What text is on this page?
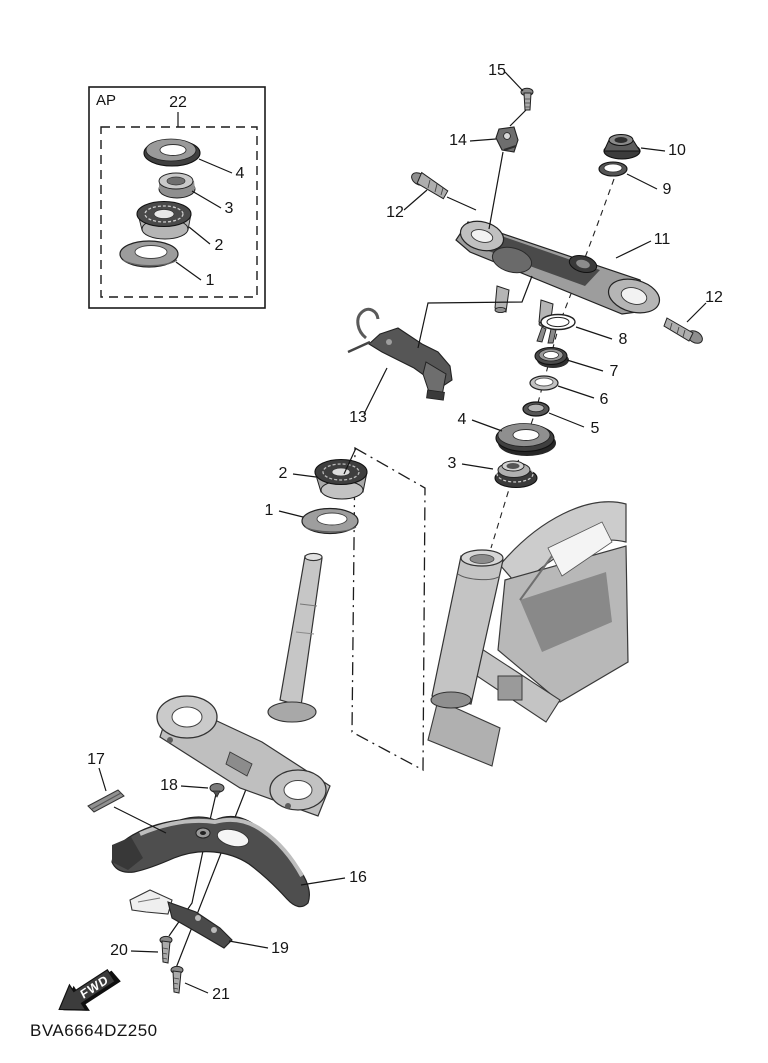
AP	22
4
3
2
1
15
14
10
9
12
11
12
8
7
6
5
4
3
13
2
1
17
18
16
19
20
21
FWD
BVA6664DZ250
